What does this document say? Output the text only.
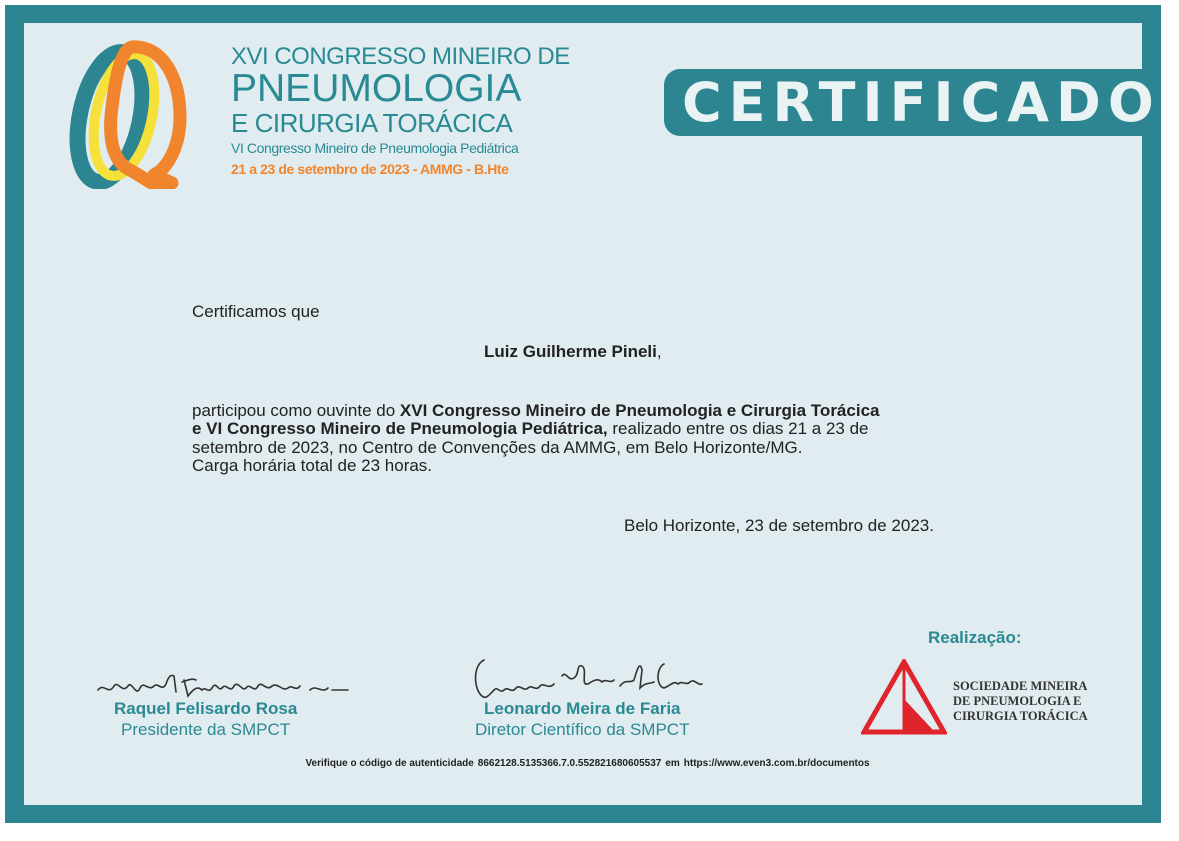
XVI CONGRESSO MINEIRO DE
PNEUMOLOGIA
E CIRURGIA TORÁCICA
VI Congresso Mineiro de Pneumologia Pediátrica
21 a 23 de setembro de 2023 - AMMG - B.Hte
CERTIFICADO
Certificamos que
Luiz Guilherme Pineli,
participou como ouvinte do XVI Congresso Mineiro de Pneumologia e Cirurgia Torácica
e VI Congresso Mineiro de Pneumologia Pediátrica, realizado entre os dias 21 a 23 de
setembro de 2023, no Centro de Convenções da AMMG, em Belo Horizonte/MG.
Carga horária total de 23 horas.
Belo Horizonte, 23 de setembro de 2023.
Raquel Felisardo Rosa
Presidente da SMPCT
Leonardo Meira de Faria
Diretor Científico da SMPCT
Realização:
SOCIEDADE MINEIRA
DE PNEUMOLOGIA E
CIRURGIA TORÁCICA
Verifique o código de autenticidade 8662128.5135366.7.0.552821680605537 em https://www.even3.com.br/documentos
